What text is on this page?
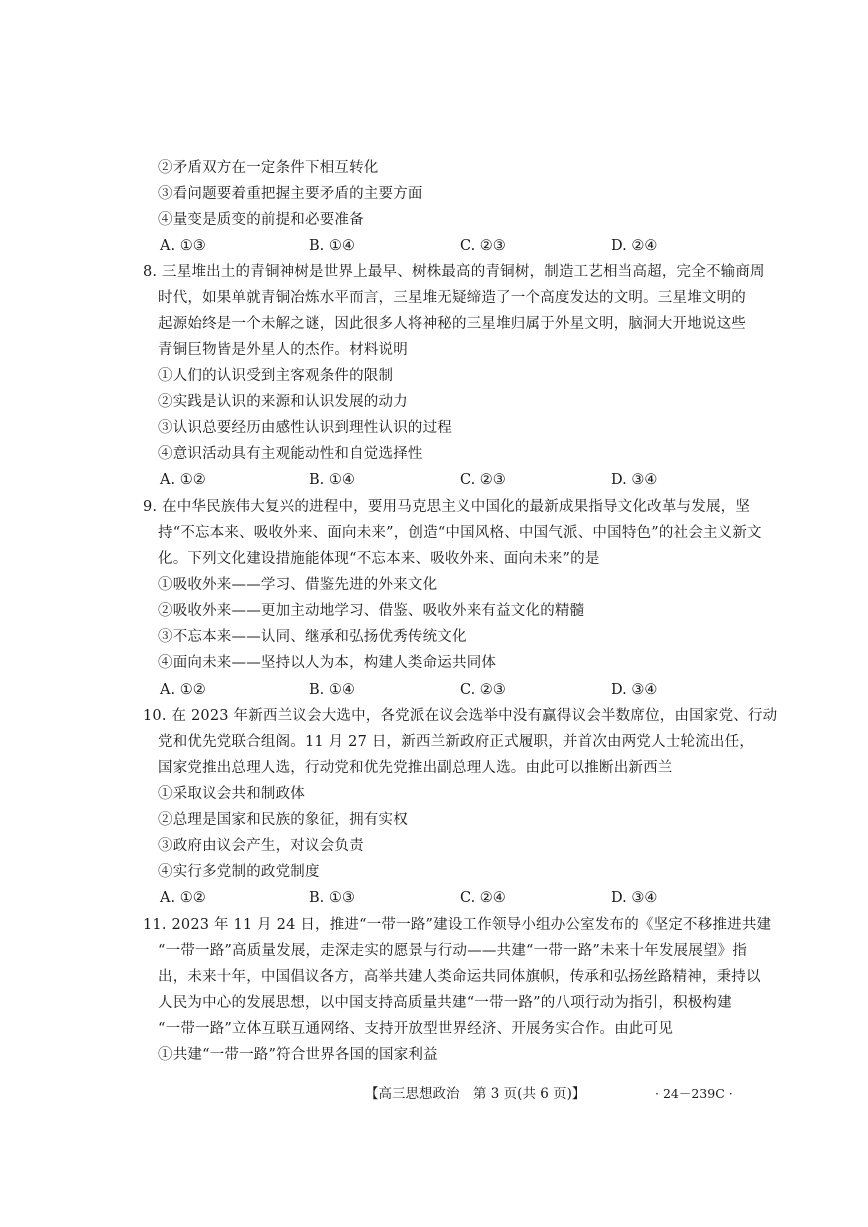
②矛盾双方在一定条件下相互转化
③看问题要着重把握主要矛盾的主要方面
④量变是质变的前提和必要准备
A. ①③	B. ①④	C. ②③	D. ②④
8. 三星堆出土的青铜神树是世界上最早、树株最高的青铜树，制造工艺相当高超，完全不输商周
时代，如果单就青铜冶炼水平而言，三星堆无疑缔造了一个高度发达的文明。三星堆文明的
起源始终是一个未解之谜，因此很多人将神秘的三星堆归属于外星文明，脑洞大开地说这些
青铜巨物皆是外星人的杰作。材料说明
①人们的认识受到主客观条件的限制
②实践是认识的来源和认识发展的动力
③认识总要经历由感性认识到理性认识的过程
④意识活动具有主观能动性和自觉选择性
A. ①②	B. ①④	C. ②③	D. ③④
9. 在中华民族伟大复兴的进程中，要用马克思主义中国化的最新成果指导文化改革与发展，坚
持“不忘本来、吸收外来、面向未来”，创造“中国风格、中国气派、中国特色”的社会主义新文
化。下列文化建设措施能体现“不忘本来、吸收外来、面向未来”的是
①吸收外来——学习、借鉴先进的外来文化
②吸收外来——更加主动地学习、借鉴、吸收外来有益文化的精髓
③不忘本来——认同、继承和弘扬优秀传统文化
④面向未来——坚持以人为本，构建人类命运共同体
A. ①②	B. ①④	C. ②③	D. ③④
10. 在 2023 年新西兰议会大选中，各党派在议会选举中没有赢得议会半数席位，由国家党、行动
党和优先党联合组阁。11 月 27 日，新西兰新政府正式履职，并首次由两党人士轮流出任，
国家党推出总理人选，行动党和优先党推出副总理人选。由此可以推断出新西兰
①采取议会共和制政体
②总理是国家和民族的象征，拥有实权
③政府由议会产生，对议会负责
④实行多党制的政党制度
A. ①②	B. ①③	C. ②④	D. ③④
11. 2023 年 11 月 24 日，推进“一带一路”建设工作领导小组办公室发布的《坚定不移推进共建
“一带一路”高质量发展，走深走实的愿景与行动——共建“一带一路”未来十年发展展望》指
出，未来十年，中国倡议各方，高举共建人类命运共同体旗帜，传承和弘扬丝路精神，秉持以
人民为中心的发展思想，以中国支持高质量共建“一带一路”的八项行动为指引，积极构建
“一带一路”立体互联互通网络、支持开放型世界经济、开展务实合作。由此可见
①共建“一带一路”符合世界各国的国家利益
【高三思想政治　第 3 页(共 6 页)】	· 24－239C ·
